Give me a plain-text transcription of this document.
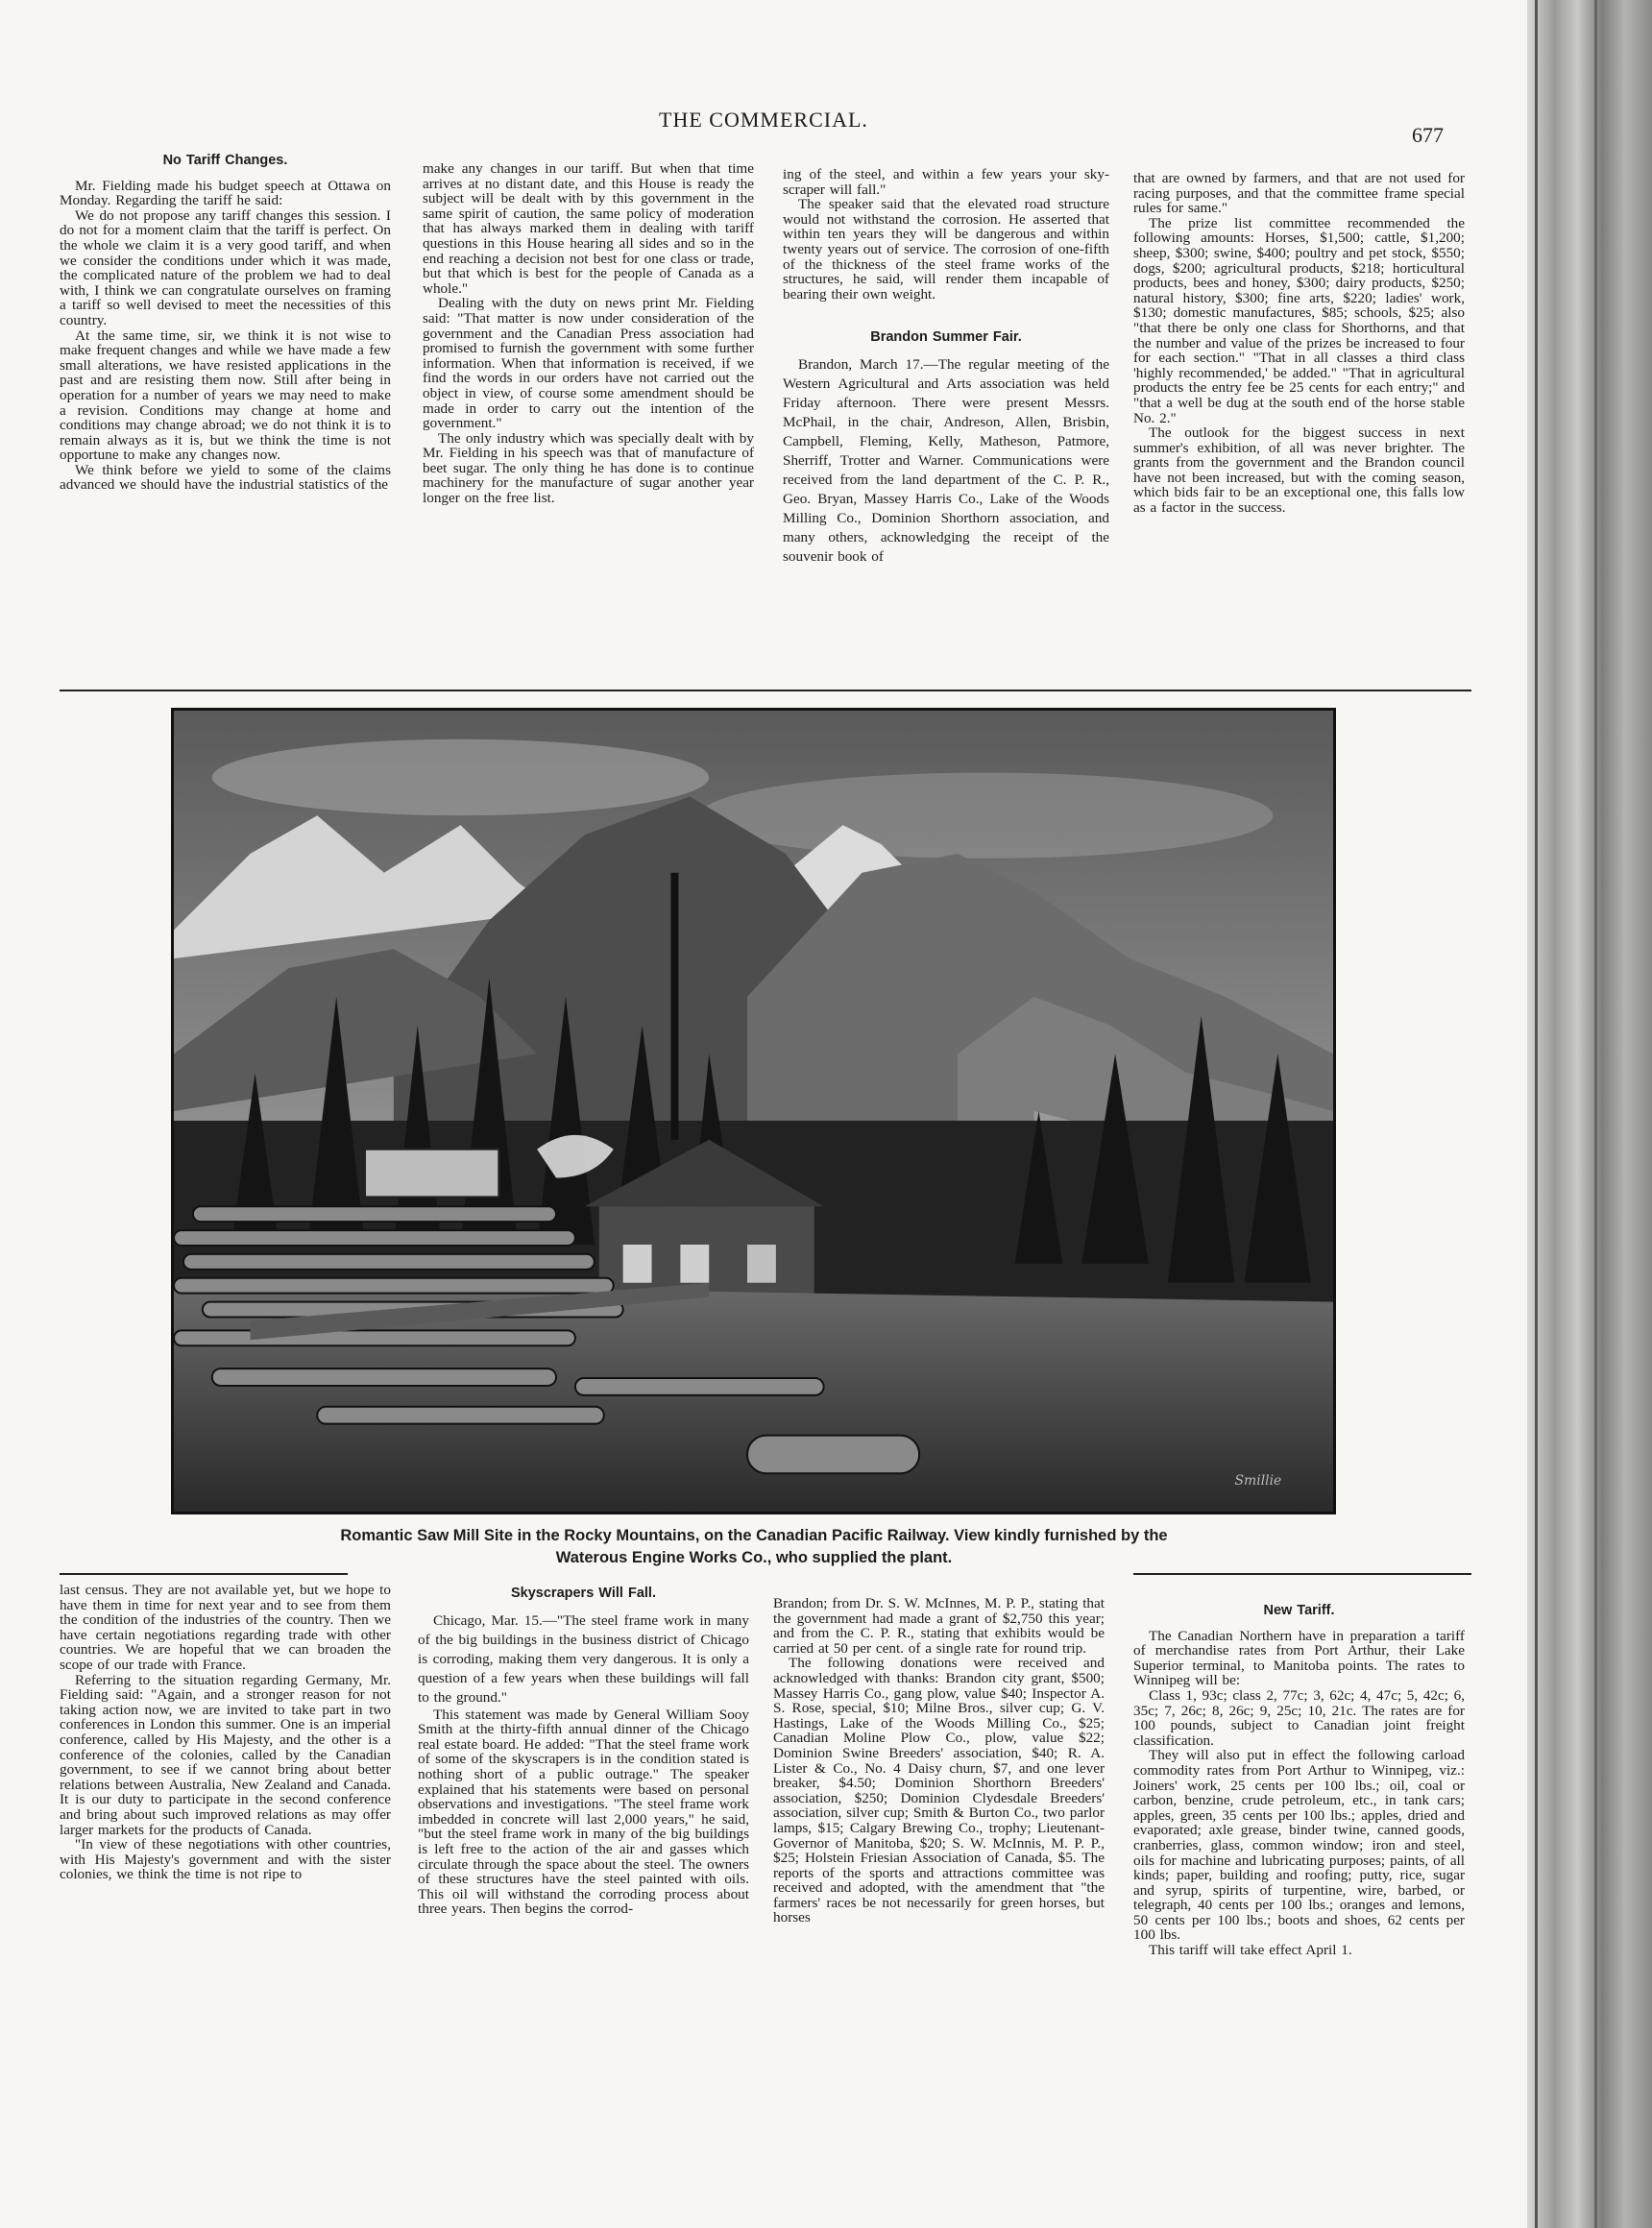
THE COMMERCIAL.
677
No Tariff Changes.

Mr. Fielding made his budget speech at Ottawa on Monday. Regarding the tariff he said:

We do not propose any tariff changes this session. I do not for a moment claim that the tariff is perfect. On the whole we claim it is a very good tariff, and when we consider the conditions under which it was made, the complicated nature of the problem we had to deal with, I think we can congratulate ourselves on framing a tariff so well devised to meet the necessities of this country.

At the same time, sir, we think it is not wise to make frequent changes and while we have made a few small alterations, we have resisted applications in the past and are resisting them now. Still after being in operation for a number of years we may need to make a revision. Conditions may change at home and conditions may change abroad; we do not think it is to remain always as it is, but we think the time is not opportune to make any changes now.

We think before we yield to some of the claims advanced we should have the industrial statistics of the

make any changes in our tariff. But when that time arrives at no distant date, and this House is ready the subject will be dealt with by this government in the same spirit of caution, the same policy of moderation that has always marked them in dealing with tariff questions in this House hearing all sides and so in the end reaching a decision not best for one class or trade, but that which is best for the people of Canada as a whole."

Dealing with the duty on news print Mr. Fielding said: "That matter is now under consideration of the government and the Canadian Press association had promised to furnish the government with some further information. When that information is received, if we find the words in our orders have not carried out the object in view, of course some amendment should be made in order to carry out the intention of the government."

The only industry which was specially dealt with by Mr. Fielding in his speech was that of manufacture of beet sugar. The only thing he has done is to continue machinery for the manufacture of sugar another year longer on the free list.

ing of the steel, and within a few years your sky-scraper will fall."

The speaker said that the elevated road structure would not withstand the corrosion. He asserted that within ten years they will be dangerous and within twenty years out of service. The corrosion of one-fifth of the thickness of the steel frame works of the structures, he said, will render them incapable of bearing their own weight.

Brandon Summer Fair.

Brandon, March 17.—The regular meeting of the Western Agricultural and Arts association was held Friday afternoon. There were present Messrs. McPhail, in the chair, Andreson, Allen, Brisbin, Campbell, Fleming, Kelly, Matheson, Patmore, Sherriff, Trotter and Warner. Communications were received from the land department of the C. P. R., Geo. Bryan, Massey Harris Co., Lake of the Woods Milling Co., Dominion Shorthorn association, and many others, acknowledging the receipt of the souvenir book of

that are owned by farmers, and that are not used for racing purposes, and that the committee frame special rules for same."

The prize list committee recommended the following amounts: Horses, $1,500; cattle, $1,200; sheep, $300; swine, $400; poultry and pet stock, $550; dogs, $200; agricultural products, $218; horticultural products, bees and honey, $300; dairy products, $250; natural history, $300; fine arts, $220; ladies' work, $130; domestic manufactures, $85; schools, $25; also "that there be only one class for Shorthorns, and that the number and value of the prizes be increased to four for each section." "That in all classes a third class 'highly recommended,' be added." "That in agricultural products the entry fee be 25 cents for each entry;" and "that a well be dug at the south end of the horse stable No. 2."

The outlook for the biggest success in next summer's exhibition, of all was never brighter. The grants from the government and the Brandon council have not been increased, but with the coming season, which bids fair to be an exceptional one, this falls low as a factor in the success.

Smillie
Romantic Saw Mill Site in the Rocky Mountains, on the Canadian Pacific Railway. View kindly furnished by the
Waterous Engine Works Co., who supplied the plant.

last census. They are not available yet, but we hope to have them in time for next year and to see from them the condition of the industries of the country. Then we have certain negotiations regarding trade with other countries. We are hopeful that we can broaden the scope of our trade with France.

Referring to the situation regarding Germany, Mr. Fielding said: "Again, and a stronger reason for not taking action now, we are invited to take part in two conferences in London this summer. One is an imperial conference, called by His Majesty, and the other is a conference of the colonies, called by the Canadian government, to see if we cannot bring about better relations between Australia, New Zealand and Canada. It is our duty to participate in the second conference and bring about such improved relations as may offer larger markets for the products of Canada.

"In view of these negotiations with other countries, with His Majesty's government and with the sister colonies, we think the time is not ripe to

Skyscrapers Will Fall.

Chicago, Mar. 15.—"The steel frame work in many of the big buildings in the business district of Chicago is corroding, making them very dangerous. It is only a question of a few years when these buildings will fall to the ground."

This statement was made by General William Sooy Smith at the thirty-fifth annual dinner of the Chicago real estate board. He added: "That the steel frame work of some of the skyscrapers is in the condition stated is nothing short of a public outrage." The speaker explained that his statements were based on personal observations and investigations. "The steel frame work imbedded in concrete will last 2,000 years," he said, "but the steel frame work in many of the big buildings is left free to the action of the air and gasses which circulate through the space about the steel. The owners of these structures have the steel painted with oils. This oil will withstand the corroding process about three years. Then begins the corrod-

Brandon; from Dr. S. W. McInnes, M. P. P., stating that the government had made a grant of $2,750 this year; and from the C. P. R., stating that exhibits would be carried at 50 per cent. of a single rate for round trip.

The following donations were received and acknowledged with thanks: Brandon city grant, $500; Massey Harris Co., gang plow, value $40; Inspector A. S. Rose, special, $10; Milne Bros., silver cup; G. V. Hastings, Lake of the Woods Milling Co., $25; Canadian Moline Plow Co., plow, value $22; Dominion Swine Breeders' association, $40; R. A. Lister & Co., No. 4 Daisy churn, $7, and one lever breaker, $4.50; Dominion Shorthorn Breeders' association, $250; Dominion Clydesdale Breeders' association, silver cup; Smith & Burton Co., two parlor lamps, $15; Calgary Brewing Co., trophy; Lieutenant-Governor of Manitoba, $20; S. W. McInnis, M. P. P., $25; Holstein Friesian Association of Canada, $5. The reports of the sports and attractions committee was received and adopted, with the amendment that "the farmers' races be not necessarily for green horses, but horses

New Tariff.

The Canadian Northern have in preparation a tariff of merchandise rates from Port Arthur, their Lake Superior terminal, to Manitoba points. The rates to Winnipeg will be:

Class 1, 93c; class 2, 77c; 3, 62c; 4, 47c; 5, 42c; 6, 35c; 7, 26c; 8, 26c; 9, 25c; 10, 21c. The rates are for 100 pounds, subject to Canadian joint freight classification.

They will also put in effect the following carload commodity rates from Port Arthur to Winnipeg, viz.: Joiners' work, 25 cents per 100 lbs.; oil, coal or carbon, benzine, crude petroleum, etc., in tank cars; apples, green, 35 cents per 100 lbs.; apples, dried and evaporated; axle grease, binder twine, canned goods, cranberries, glass, common window; iron and steel, oils for machine and lubricating purposes; paints, of all kinds; paper, building and roofing; putty, rice, sugar and syrup, spirits of turpentine, wire, barbed, or telegraph, 40 cents per 100 lbs.; oranges and lemons, 50 cents per 100 lbs.; boots and shoes, 62 cents per 100 lbs.

This tariff will take effect April 1.
